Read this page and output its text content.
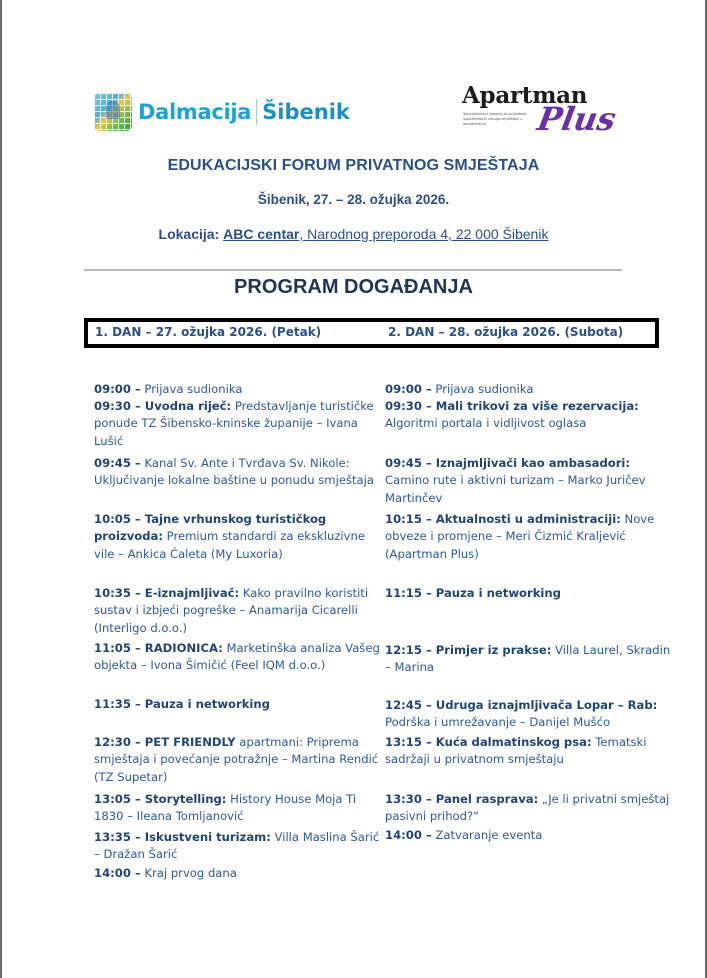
Dalmacija Šibenik
Apartman
Specijalizirani časopis za pružatelje ugostiteljskih usluga smještaja u domaćinstvu	Plus
EDUKACIJSKI FORUM PRIVATNOG SMJEŠTAJA
Šibenik, 27. – 28. ožujka 2026.
Lokacija: ABC centar, Narodnog preporoda 4, 22 000 Šibenik
PROGRAM DOGAĐANJA
1. DAN – 27. ožujka 2026. (Petak)	2. DAN – 28. ožujka 2026. (Subota)
09:00 – Prijava sudionika
09:30 – Uvodna riječ: Predstavljanje turističke ponude TZ Šibensko-kninske županije – Ivana Lušić
09:45 – Kanal Sv. Ante i Tvrđava Sv. Nikole: Uključivanje lokalne baštine u ponudu smještaja
10:05 – Tajne vrhunskog turističkog proizvoda: Premium standardi za ekskluzivne vile – Ankica Ćaleta (My Luxoria)
10:35 – E-iznajmljivač: Kako pravilno koristiti sustav i izbjeći pogreške – Anamarija Cicarelli (Interligo d.o.o.)
11:05 – RADIONICA: Marketinška analiza Vašeg objekta – Ivona Šimičić (Feel IQM d.o.o.)
11:35 – Pauza i networking
12:30 – PET FRIENDLY apartmani: Priprema smještaja i povećanje potražnje – Martina Rendić (TZ Supetar)
13:05 – Storytelling: History House Moja Ti 1830 – Ileana Tomljanović
13:35 – Iskustveni turizam: Villa Maslina Šarić – Dražan Šarić
14:00 – Kraj prvog dana
09:00 – Prijava sudionika
09:30 – Mali trikovi za više rezervacija: Algoritmi portala i vidljivost oglasa
09:45 – Iznajmljivači kao ambasadori: Camino rute i aktivni turizam – Marko Juričev Martinčev
10:15 – Aktualnosti u administraciji: Nove obveze i promjene – Meri Čizmić Kraljević (Apartman Plus)
11:15 – Pauza i networking
12:15 – Primjer iz prakse: Villa Laurel, Skradin – Marina
12:45 – Udruga iznajmljivača Lopar – Rab: Podrška i umrežavanje – Danijel Mušćo
13:15 – Kuća dalmatinskog psa: Tematski sadržaji u privatnom smještaju
13:30 – Panel rasprava: „Je li privatni smještaj pasivni prihod?“
14:00 – Zatvaranje eventa
